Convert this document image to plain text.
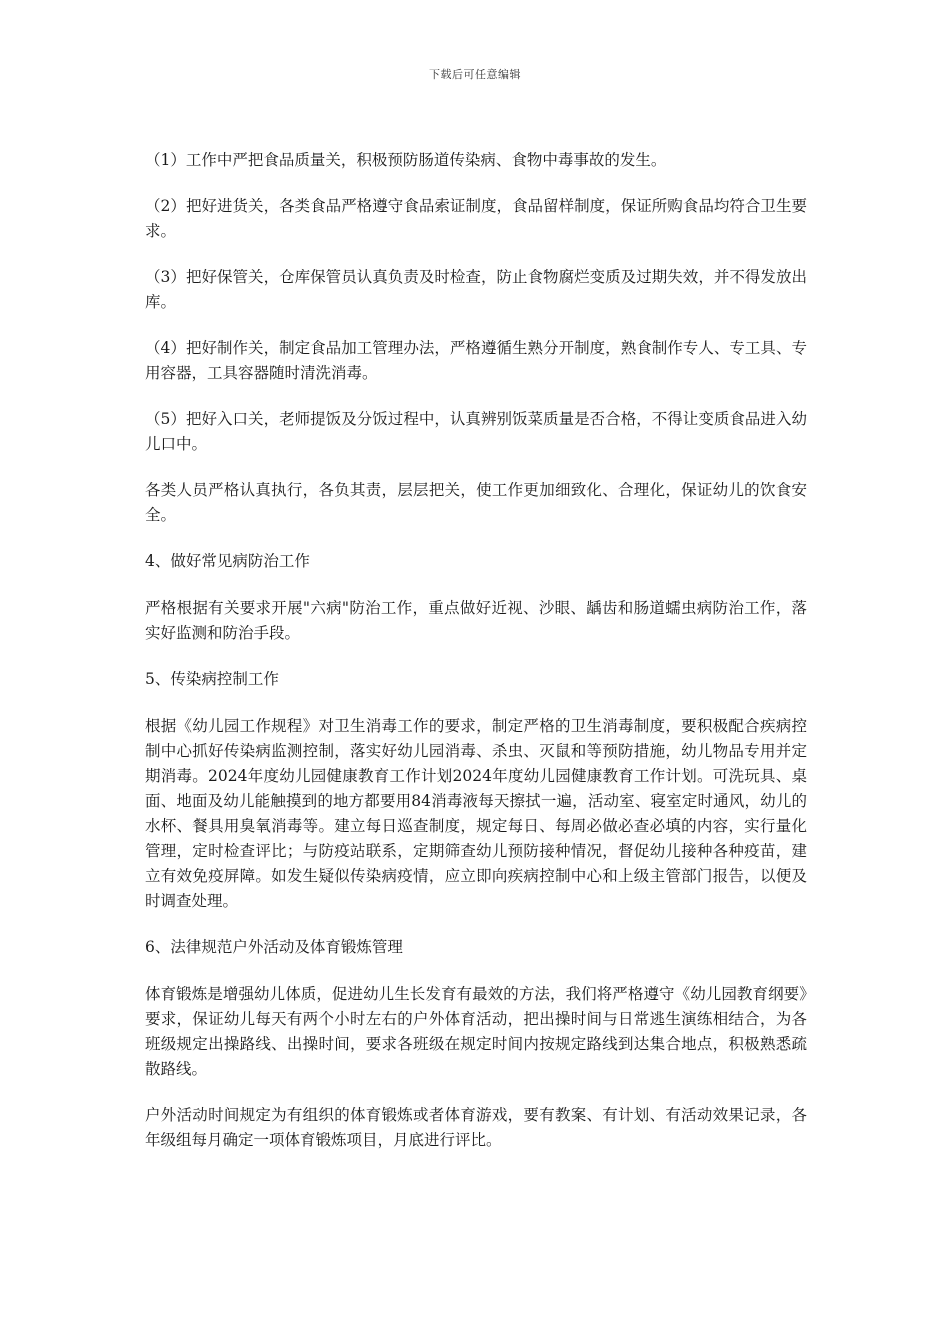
下载后可任意编辑

（1）工作中严把食品质量关，积极预防肠道传染病、食物中毒事故的发生。

（2）把好进货关，各类食品严格遵守食品索证制度，食品留样制度，保证所购食品均符合卫生要求。

（3）把好保管关，仓库保管员认真负责及时检查，防止食物腐烂变质及过期失效，并不得发放出库。

（4）把好制作关，制定食品加工管理办法，严格遵循生熟分开制度，熟食制作专人、专工具、专用容器，工具容器随时清洗消毒。

（5）把好入口关，老师提饭及分饭过程中，认真辨别饭菜质量是否合格，不得让变质食品进入幼儿口中。

各类人员严格认真执行，各负其责，层层把关，使工作更加细致化、合理化，保证幼儿的饮食安全。

4、做好常见病防治工作

严格根据有关要求开展"六病"防治工作，重点做好近视、沙眼、龋齿和肠道蠕虫病防治工作，落实好监测和防治手段。

5、传染病控制工作

根据《幼儿园工作规程》对卫生消毒工作的要求，制定严格的卫生消毒制度，要积极配合疾病控制中心抓好传染病监测控制，落实好幼儿园消毒、杀虫、灭鼠和等预防措施，幼儿物品专用并定期消毒。2024年度幼儿园健康教育工作计划2024年度幼儿园健康教育工作计划。可洗玩具、桌面、地面及幼儿能触摸到的地方都要用84消毒液每天擦拭一遍，活动室、寝室定时通风，幼儿的水杯、餐具用臭氧消毒等。建立每日巡查制度，规定每日、每周必做必查必填的内容，实行量化管理，定时检查评比；与防疫站联系，定期筛查幼儿预防接种情况，督促幼儿接种各种疫苗，建立有效免疫屏障。如发生疑似传染病疫情，应立即向疾病控制中心和上级主管部门报告，以便及时调查处理。

6、法律规范户外活动及体育锻炼管理

体育锻炼是增强幼儿体质，促进幼儿生长发育有最效的方法，我们将严格遵守《幼儿园教育纲要》要求，保证幼儿每天有两个小时左右的户外体育活动，把出操时间与日常逃生演练相结合，为各班级规定出操路线、出操时间，要求各班级在规定时间内按规定路线到达集合地点，积极熟悉疏散路线。

户外活动时间规定为有组织的体育锻炼或者体育游戏，要有教案、有计划、有活动效果记录，各年级组每月确定一项体育锻炼项目，月底进行评比。
